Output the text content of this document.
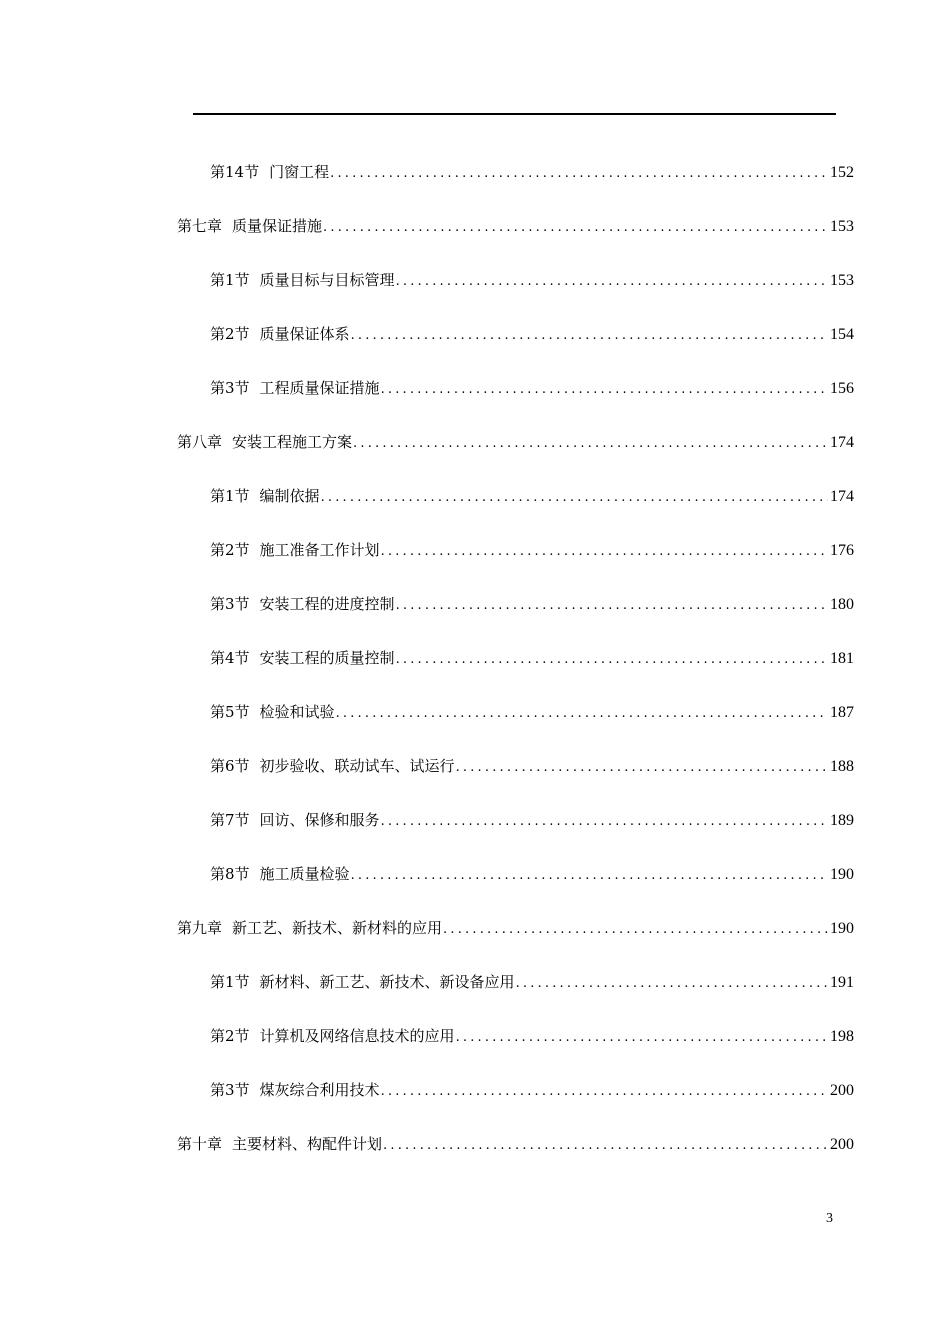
第14节 门窗工程 .....	152
第七章 质量保证措施 .....	153
第1节 质量目标与目标管理 .....	153
第2节 质量保证体系 .....	154
第3节 工程质量保证措施 .....	156
第八章 安装工程施工方案 .....	174
第1节 编制依据 .....	174
第2节 施工准备工作计划 .....	176
第3节 安装工程的进度控制 .....	180
第4节 安装工程的质量控制 .....	181
第5节 检验和试验 .....	187
第6节 初步验收、联动试车、试运行 .....	188
第7节 回访、保修和服务 .....	189
第8节 施工质量检验 .....	190
第九章 新工艺、新技术、新材料的应用 .....	190
第1节 新材料、新工艺、新技术、新设备应用 .....	191
第2节 计算机及网络信息技术的应用 .....	198
第3节 煤灰综合利用技术 .....	200
第十章 主要材料、构配件计划 .....	200
3
